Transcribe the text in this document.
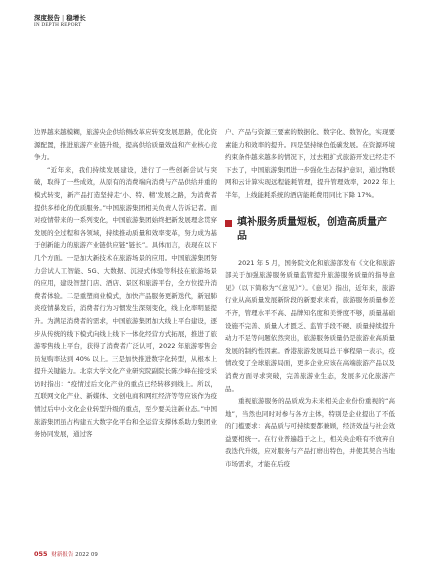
深度报告 | 稳增长
IN DEPTH REPORT

边界越来越模糊，旅游央企供给侧改革应转变发展思路，优化资源配置，推进旅游产业链升级，提高供给质量效益和产业核心竞争力。

“近年来，我们持续发展建设，进行了一些创新尝试与突破，取得了一些成效，从原有的消费端向消费与产品供给并重的模式转变，新产品打造坚持走‘小、特、精’发展之路，为消费者提供多样化的优质服务。”中国旅游集团相关负责人告诉记者。面对疫情带来的一系列变化，中国旅游集团始终把新发展理念贯穿发展的全过程和各领域，持续推动质量和效率变革，努力成为基于创新能力的旅游产业链供应链“链长”。具体而言，表现在以下几个方面。一是加大新技术在旅游场景的应用。中国旅游集团努力尝试人工智能、5G、大数据、沉浸式体验等科技在旅游场景的应用，建设智慧门店、酒店、景区和旅游平台，全方位提升消费者体验。二是重塑商业模式，加快产品服务更新迭代，新冠肺炎疫情暴发后，消费者行为习惯发生深刻变化，线上化率明显提升。为满足消费者的需求，中国旅游集团加大线上平台建设，逐步从传统的线下模式向线上线下一体化经营方式拓展，推进了旅游零售线上平台，获得了消费者广泛认可，2022 年旅游零售会员复购率达到 40% 以上。三是加快推进数字化转型，从根本上提升关键能力。北京大学文化产业研究院副院长陈少峰在接受采访时指出：“疫情过后文化产业的重点已经转移到线上。所以，互联网文化产业、新媒体、文创电商和网红经济等等应该作为疫情过后中小文化企业转型升级的重点，至少要关注新业态。”中国旅游集团虽占构建五大数字化平台和全运营支撑体系助力集团业务协同发展，通过客

户、产品与资源三要素的数据化、数字化、数智化，实现要素能力和效率的提升。四是坚持绿色低碳发展。在资源环境约束条件越来越多的情况下，过去粗扩式旅游开发已经走不下去了，中国旅游集团进一步强化生态保护意识，通过物联网和云计算实现远程能耗管理，提升管理效率，2022 年上半年，上线能耗系统的酒店能耗费用同比下降 17%。

填补服务质量短板，创造高质量产品

2021 年 5 月，国务院文化和旅游部发布《文化和旅游部关于加强旅游服务质量监管提升旅游服务质量的指导意见》（以下简称为“《意见》”）。《意见》指出，近年来，旅游行业从高质量发展新阶段的新要求来看，旅游服务质量参差不齐，管理水平不高、品牌知名度和美誉度不够，质量基础设施不完善、质量人才匮乏、监管手段不硬、质量持续提升动力不足等问题依然突出，旅游服务质量仍是旅游业高质量发展的制约性因素。香港旅游发展局总干事程鼎一表示，疫情改变了全球旅游局面，更多企业应该在高端旅游产品以及消费方面寻求突破，完善旅游业生态，发展多元化旅游产品。

重视旅游服务的品质成为未来相关企业份份重视的“高地”，当然也同时对参与各方主体，特别是企业提出了不低的门槛要求：高品质与可持续要都兼顾，经济效益与社会效益要相统一。在行业普遍趋于之上，相关央企唯有不放弃自我迭代升级，应对服务与产品打磨出特色，并使其契合当地市场需求，才能在后疫

055 财新报告 2022 09
